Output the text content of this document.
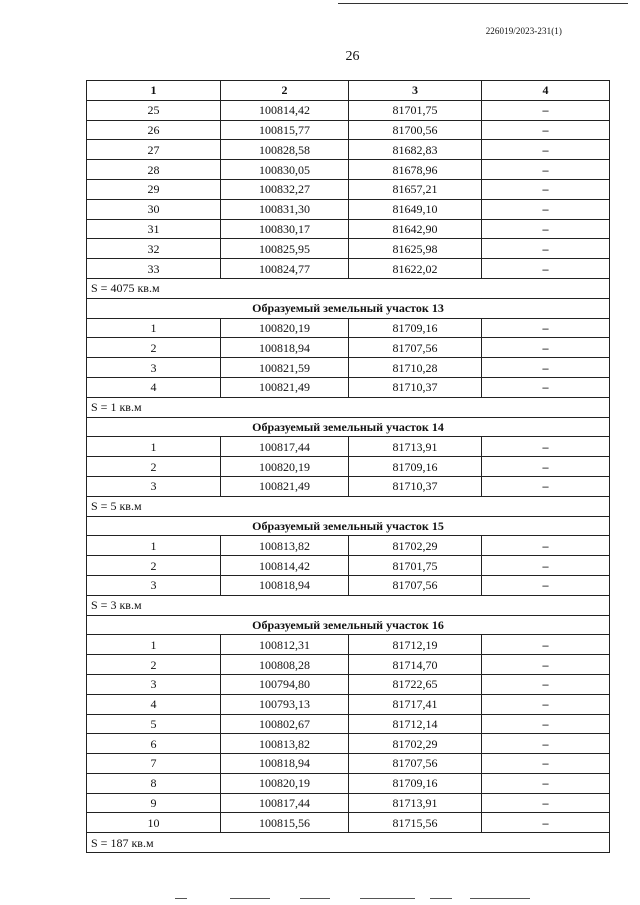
226019/2023-231(1)
26
1	2	3	4
25	100814,42	81701,75	–
26	100815,77	81700,56	–
27	100828,58	81682,83	–
28	100830,05	81678,96	–
29	100832,27	81657,21	–
30	100831,30	81649,10	–
31	100830,17	81642,90	–
32	100825,95	81625,98	–
33	100824,77	81622,02	–
S = 4075 кв.м			
Образуемый земельный участок 13			
1	100820,19	81709,16	–
2	100818,94	81707,56	–
3	100821,59	81710,28	–
4	100821,49	81710,37	–
S = 1 кв.м			
Образуемый земельный участок 14			
1	100817,44	81713,91	–
2	100820,19	81709,16	–
3	100821,49	81710,37	–
S = 5 кв.м			
Образуемый земельный участок 15			
1	100813,82	81702,29	–
2	100814,42	81701,75	–
3	100818,94	81707,56	–
S = 3 кв.м			
Образуемый земельный участок 16			
1	100812,31	81712,19	–
2	100808,28	81714,70	–
3	100794,80	81722,65	–
4	100793,13	81717,41	–
5	100802,67	81712,14	–
6	100813,82	81702,29	–
7	100818,94	81707,56	–
8	100820,19	81709,16	–
9	100817,44	81713,91	–
10	100815,56	81715,56	–
S = 187 кв.м			
